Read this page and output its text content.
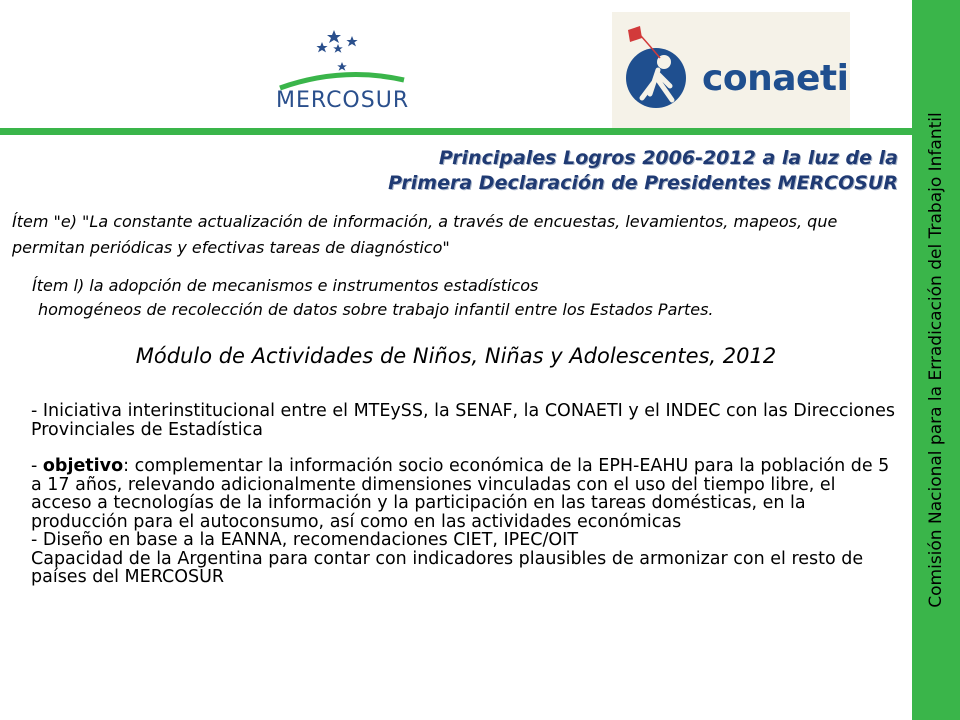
MERCOSUR
conaeti
Comisión Nacional para la Erradicación del Trabajo Infantil
Principales Logros 2006-2012 a la luz de la
Primera Declaración de Presidentes MERCOSUR
Ítem "e) "La constante actualización de información, a través de encuestas, levamientos, mapeos, que permitan periódicas y efectivas tareas de diagnóstico"
Ítem l) la adopción de mecanismos e instrumentos estadísticos
homogéneos de recolección de datos sobre trabajo infantil entre los Estados Partes.
Módulo de Actividades de Niños, Niñas y Adolescentes, 2012

- Iniciativa interinstitucional entre el MTEySS, la SENAF, la CONAETI y el INDEC con las Direcciones Provinciales de Estadística

- objetivo: complementar la información socio económica de la EPH-EAHU para la población de 5 a 17 años, relevando adicionalmente dimensiones vinculadas con el uso del tiempo libre, el acceso a tecnologías de la información y la participación en las tareas domésticas, en la producción para el autoconsumo, así como en las actividades económicas

- Diseño en base a la EANNA, recomendaciones CIET, IPEC/OIT

Capacidad de la Argentina para contar con indicadores plausibles de armonizar con el resto de países del MERCOSUR
